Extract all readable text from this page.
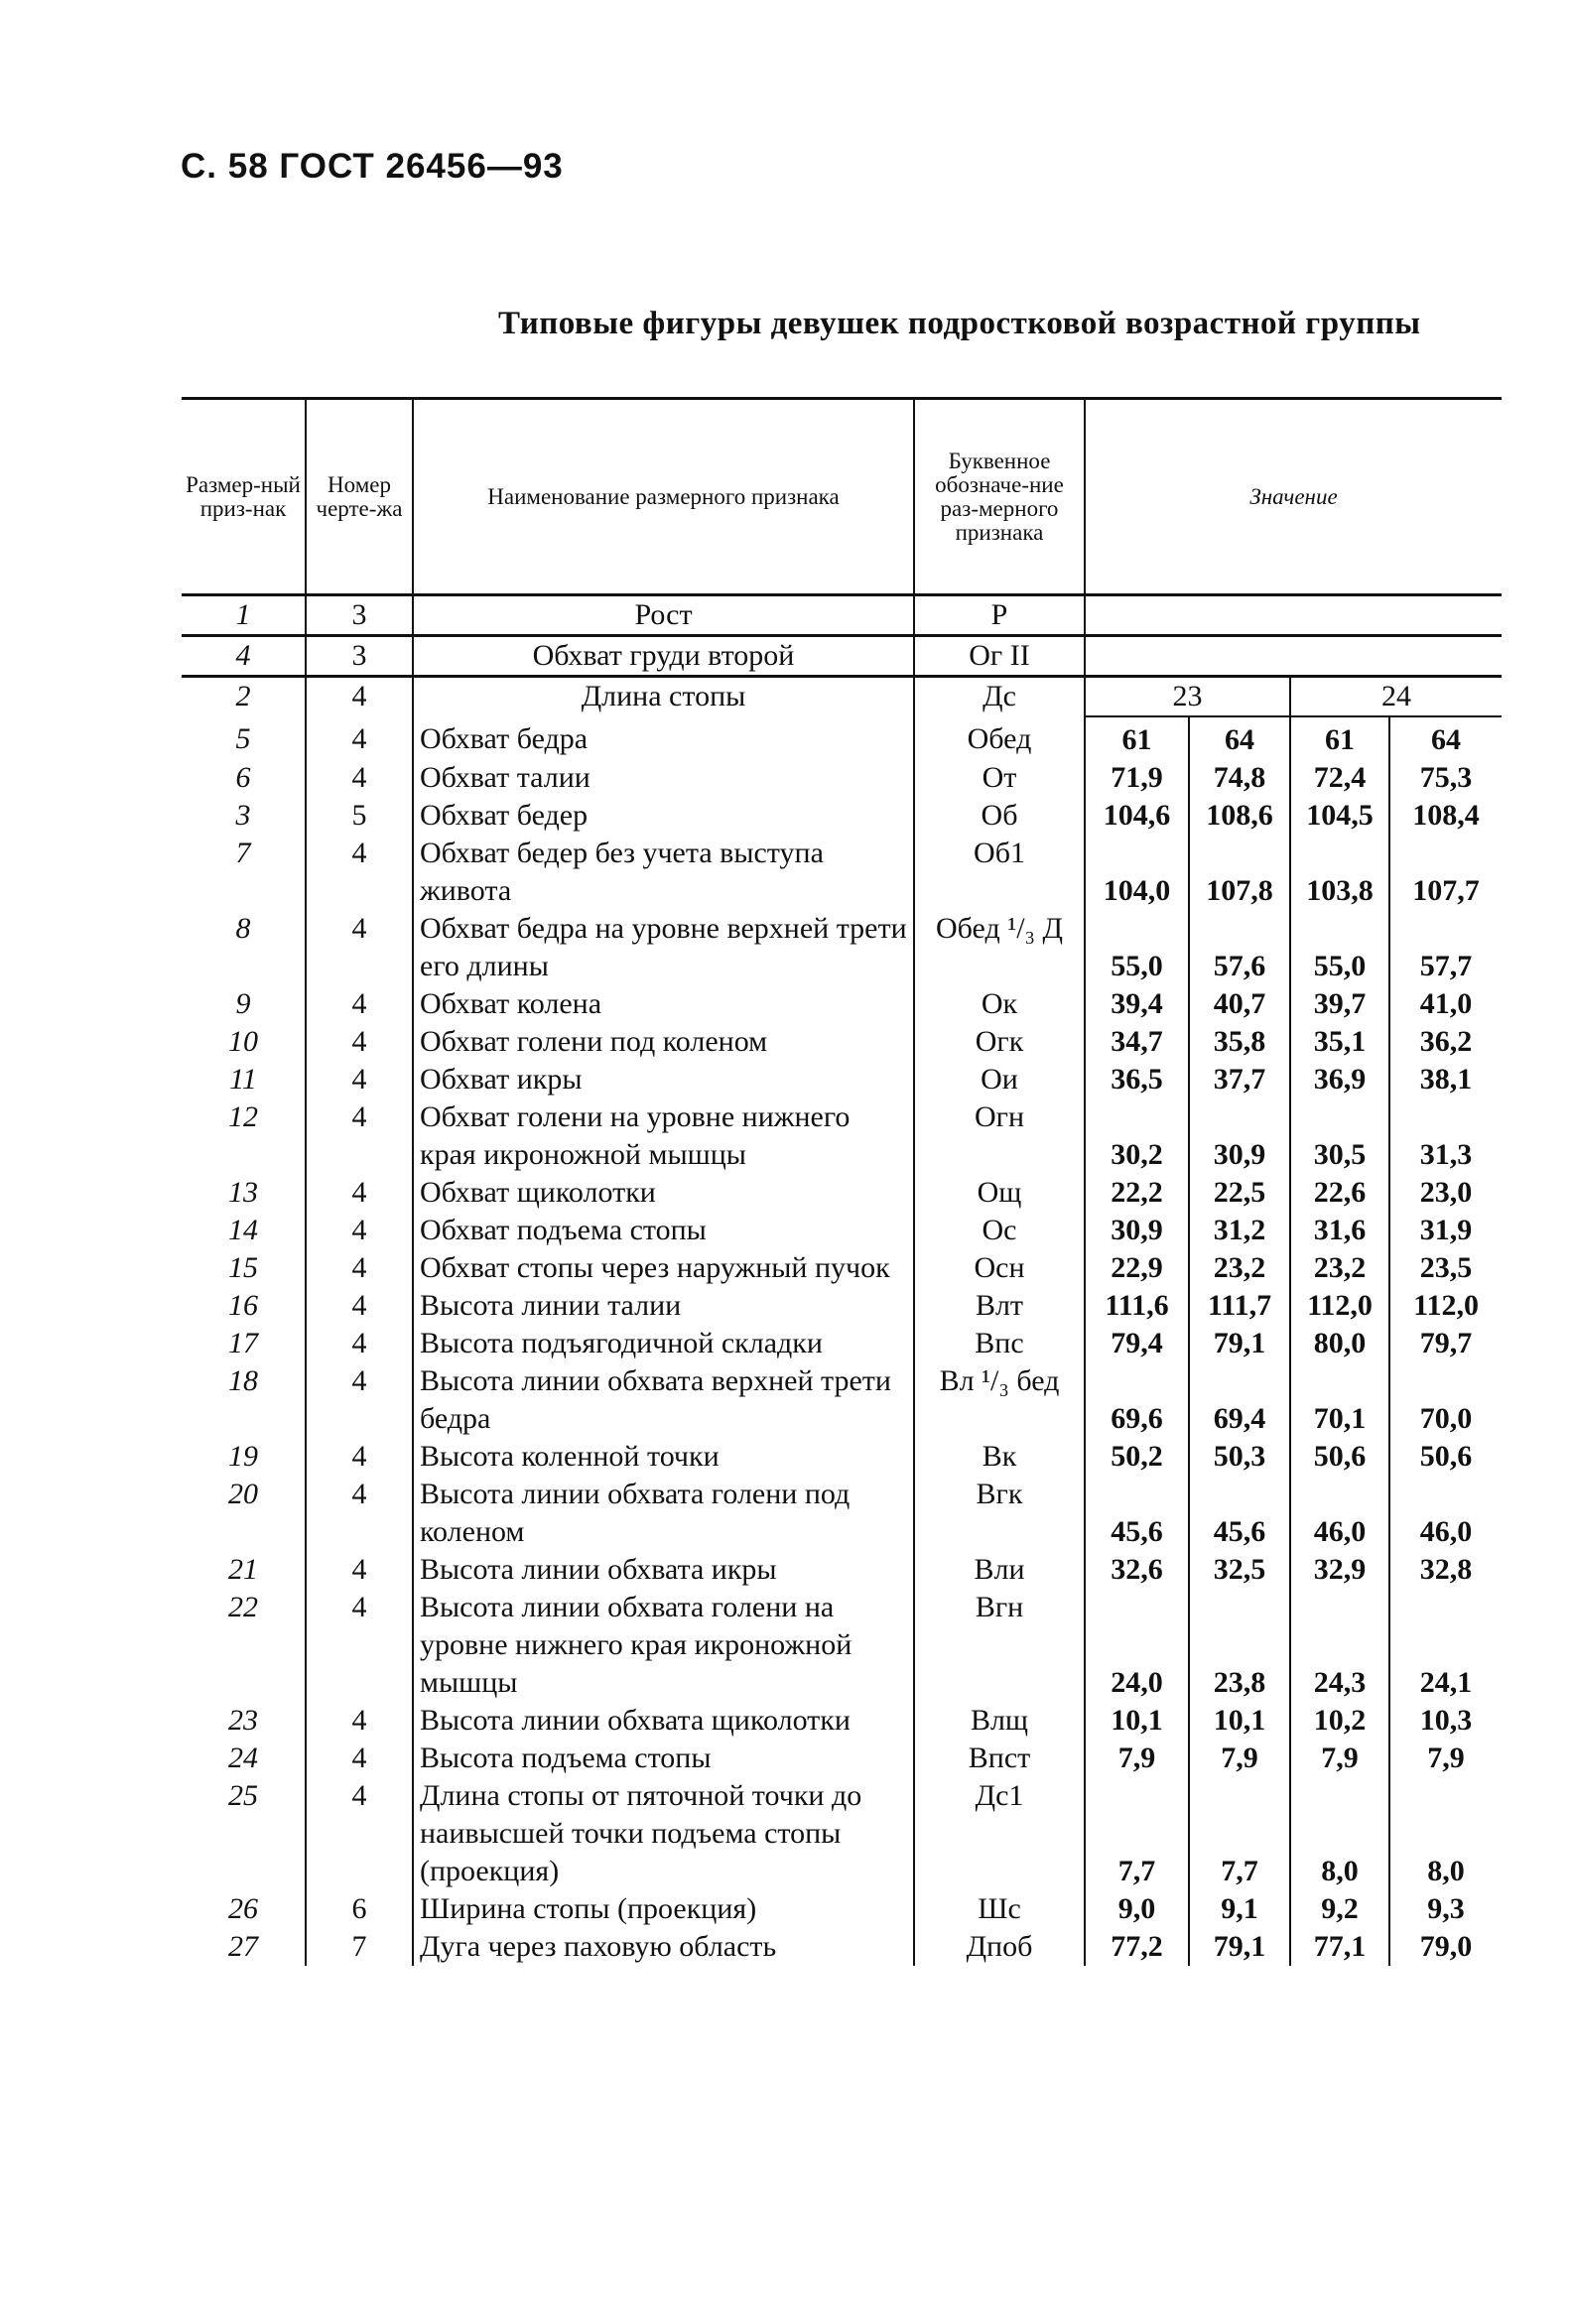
С. 58 ГОСТ 26456—93
Типовые фигуры девушек подростковой возрастной группы
Размер-ный приз-нак	Номер черте-жа	Наименование размерного признака	Буквенное обозначе-ние раз-мерного признака	Значение			
1	3	Рост	Р				
4	3	Обхват груди второй	Ог II				
2	4	Длина стопы	Дс	23		24	
5	4	Обхват бедра	Обед	61	64	61	64
6	4	Обхват талии	От	71,9	74,8	72,4	75,3
3	5	Обхват бедер	Об	104,6	108,6	104,5	108,4
7	4	Обхват бедер без учета выступа живота	Об1	104,0	107,8	103,8	107,7
8	4	Обхват бедра на уровне верхней трети его длины	Обед ¹/₃ Д	55,0	57,6	55,0	57,7
9	4	Обхват колена	Ок	39,4	40,7	39,7	41,0
10	4	Обхват голени под коленом	Огк	34,7	35,8	35,1	36,2
11	4	Обхват икры	Ои	36,5	37,7	36,9	38,1
12	4	Обхват голени на уровне нижнего края икроножной мышцы	Огн	30,2	30,9	30,5	31,3
13	4	Обхват щиколотки	Ощ	22,2	22,5	22,6	23,0
14	4	Обхват подъема стопы	Ос	30,9	31,2	31,6	31,9
15	4	Обхват стопы через наружный пучок	Осн	22,9	23,2	23,2	23,5
16	4	Высота линии талии	Влт	111,6	111,7	112,0	112,0
17	4	Высота подъягодичной складки	Впс	79,4	79,1	80,0	79,7
18	4	Высота линии обхвата верхней трети бедра	Вл ¹/₃ бед	69,6	69,4	70,1	70,0
19	4	Высота коленной точки	Вк	50,2	50,3	50,6	50,6
20	4	Высота линии обхвата голени под коленом	Вгк	45,6	45,6	46,0	46,0
21	4	Высота линии обхвата икры	Вли	32,6	32,5	32,9	32,8
22	4	Высота линии обхвата голени на уровне нижнего края икроножной мышцы	Вгн	24,0	23,8	24,3	24,1
23	4	Высота линии обхвата щиколотки	Влщ	10,1	10,1	10,2	10,3
24	4	Высота подъема стопы	Впст	7,9	7,9	7,9	7,9
25	4	Длина стопы от пяточной точки до наивысшей точки подъема стопы (проекция)	Дс1	7,7	7,7	8,0	8,0
26	6	Ширина стопы (проекция)	Шс	9,0	9,1	9,2	9,3
27	7	Дуга через паховую область	Дпоб	77,2	79,1	77,1	79,0
